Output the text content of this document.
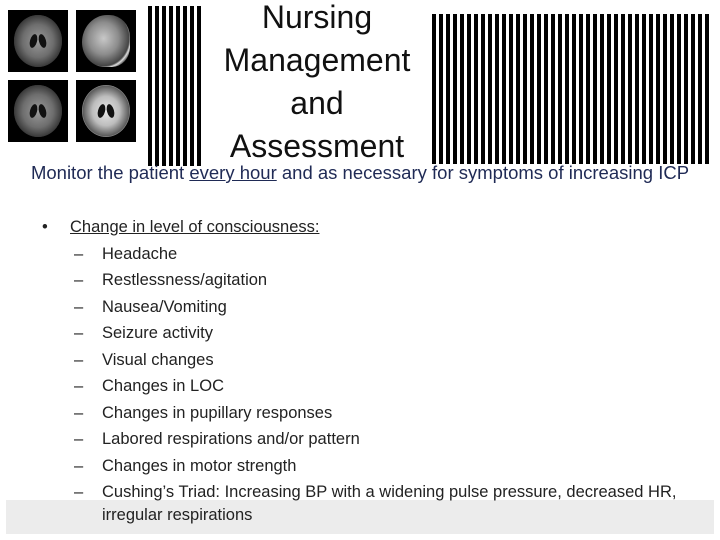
Nursing
Management
and
Assessment
Monitor the patient every hour and as necessary for symptoms of increasing ICP
•	Change in level of consciousness:
–	Headache
–	Restlessness/agitation
–	Nausea/Vomiting
–	Seizure activity
–	Visual changes
–	Changes in LOC
–	Changes in pupillary responses
–	Labored respirations and/or pattern
–	Changes in motor strength
–	Cushing’s Triad: Increasing BP with a widening pulse pressure, decreased HR, irregular respirations
